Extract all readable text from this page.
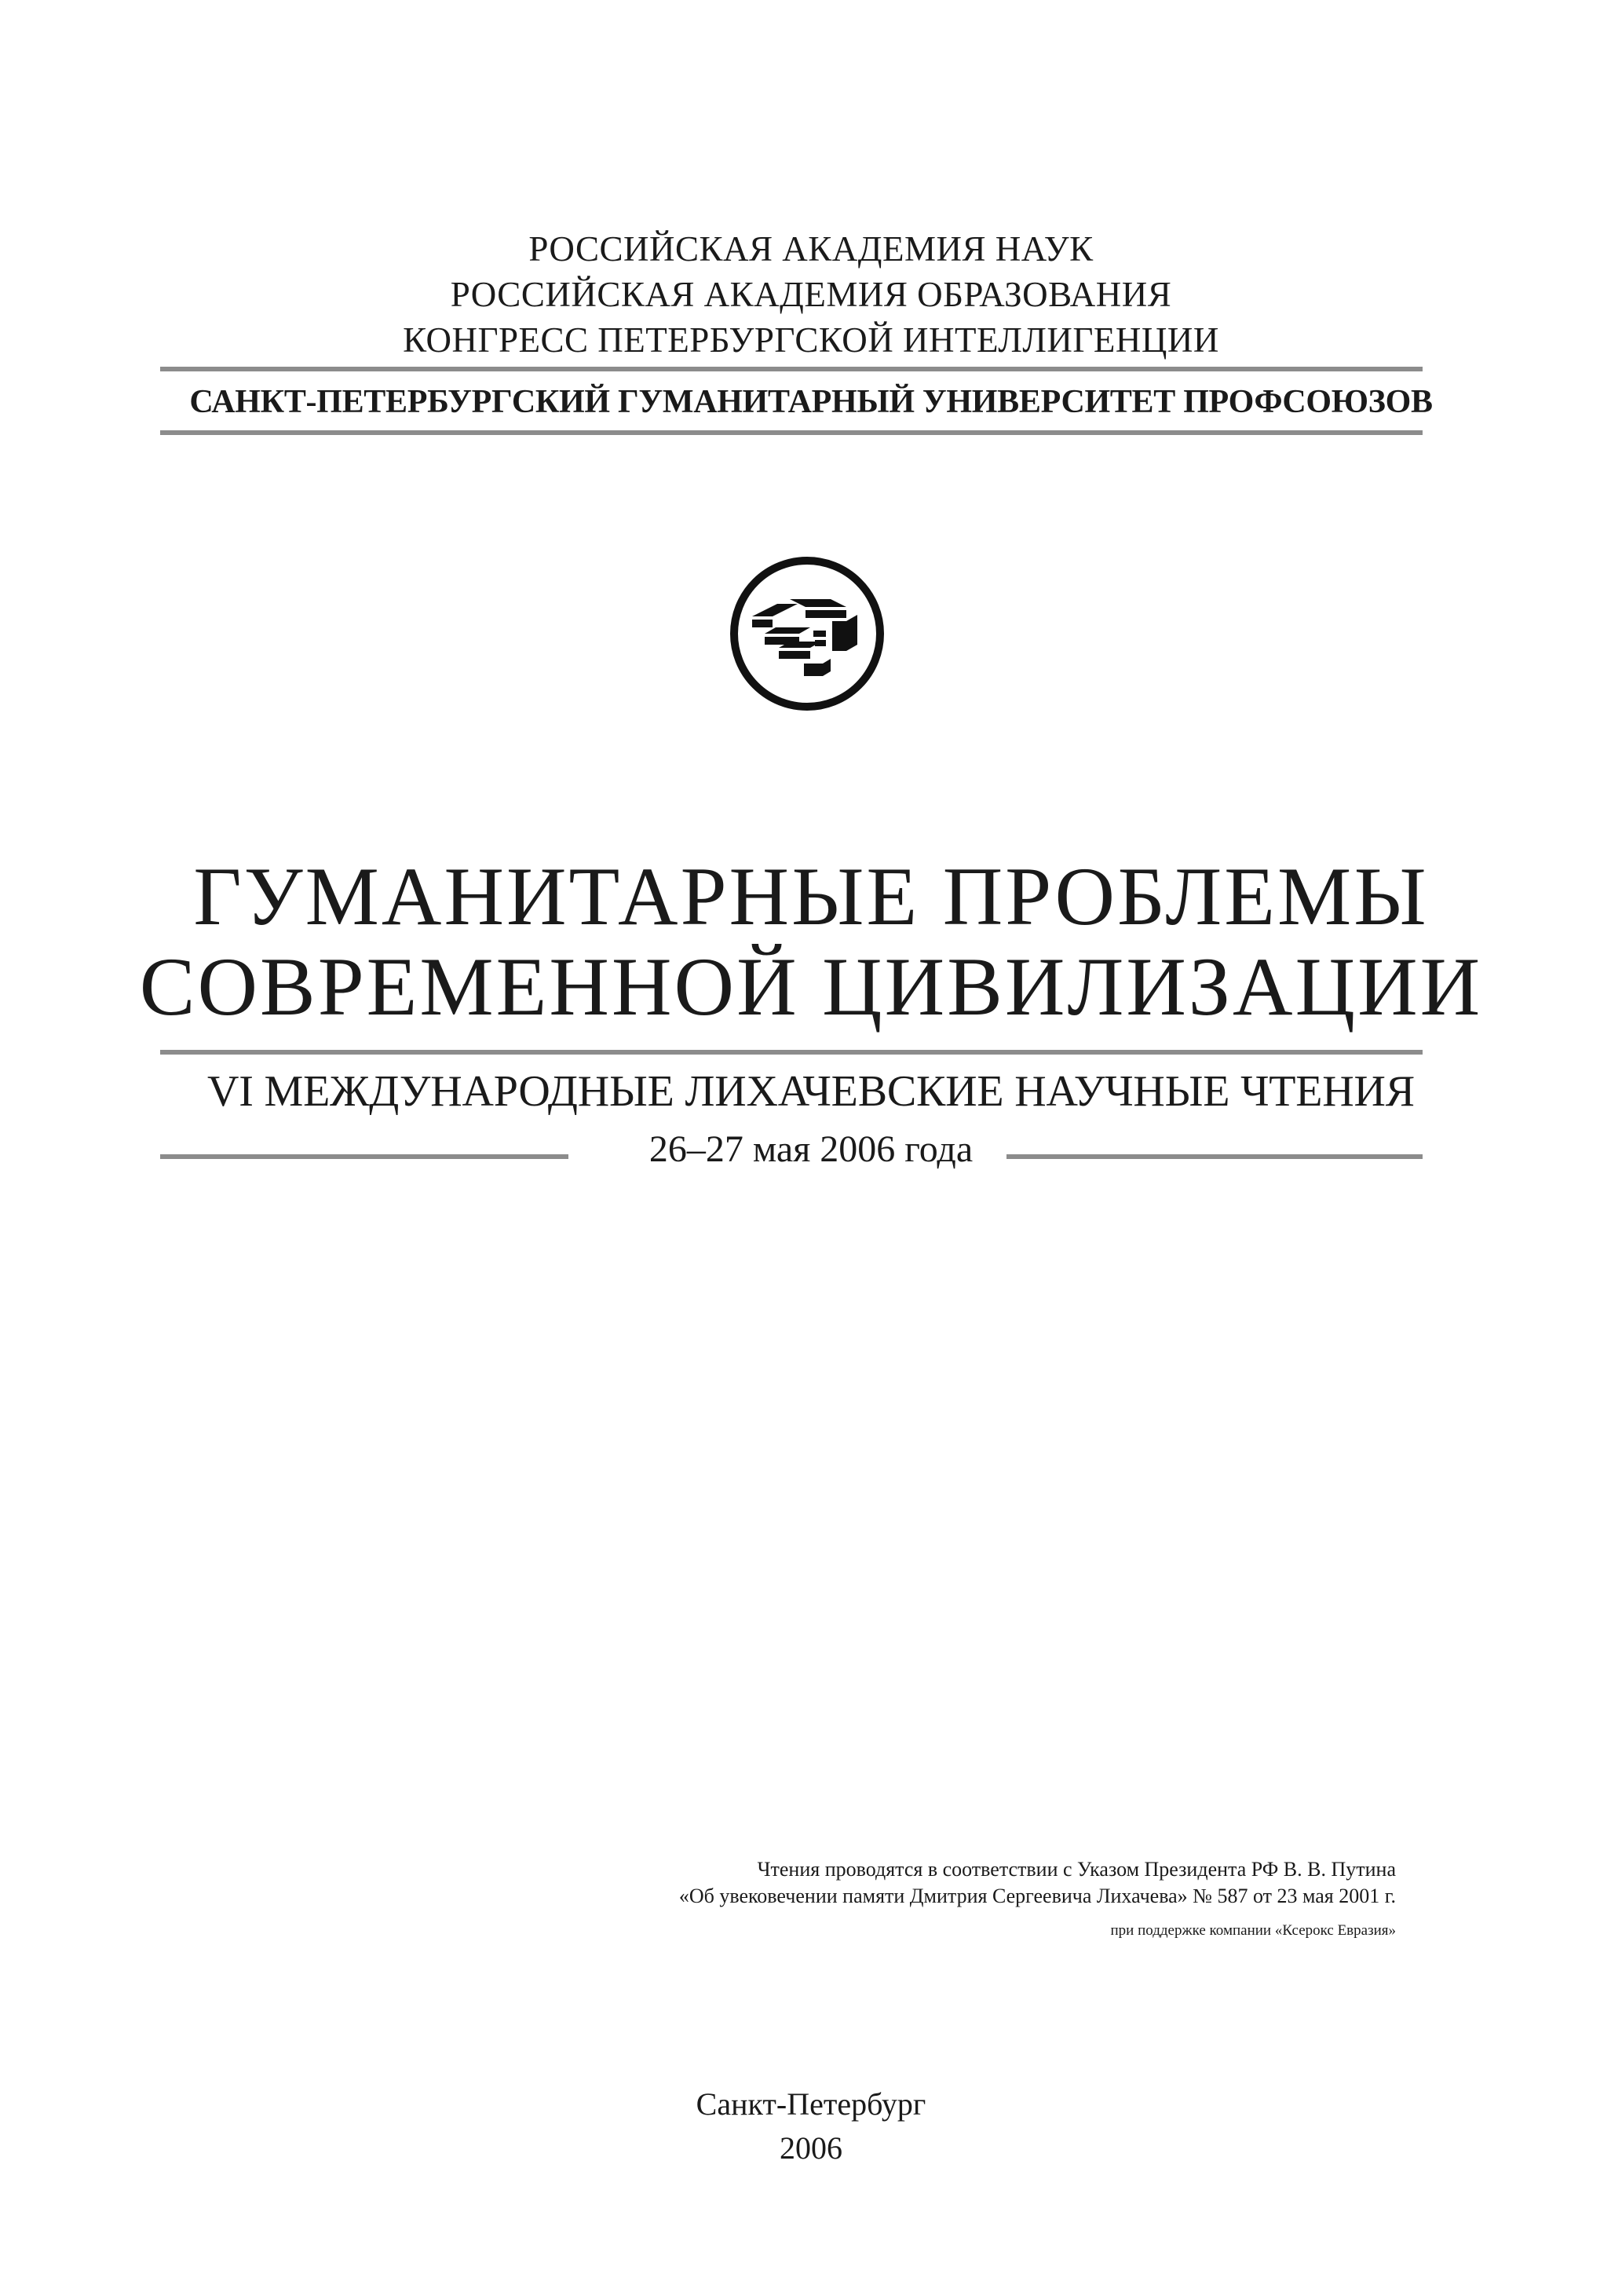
РОССИЙСКАЯ АКАДЕМИЯ НАУК
РОССИЙСКАЯ АКАДЕМИЯ ОБРАЗОВАНИЯ
КОНГРЕСС ПЕТЕРБУРГСКОЙ ИНТЕЛЛИГЕНЦИИ
САНКТ-ПЕТЕРБУРГСКИЙ ГУМАНИТАРНЫЙ УНИВЕРСИТЕТ ПРОФСОЮЗОВ
ГУМАНИТАРНЫЕ ПРОБЛЕМЫ
СОВРЕМЕННОЙ ЦИВИЛИЗАЦИИ
VI МЕЖДУНАРОДНЫЕ ЛИХАЧЕВСКИЕ НАУЧНЫЕ ЧТЕНИЯ
26–27 мая 2006 года
Чтения проводятся в соответствии с Указом Президента РФ В. В. Путина
«Об увековечении памяти Дмитрия Сергеевича Лихачева» № 587 от 23 мая 2001 г.
при поддержке компании «Ксерокс Евразия»
Санкт-Петербург
2006
